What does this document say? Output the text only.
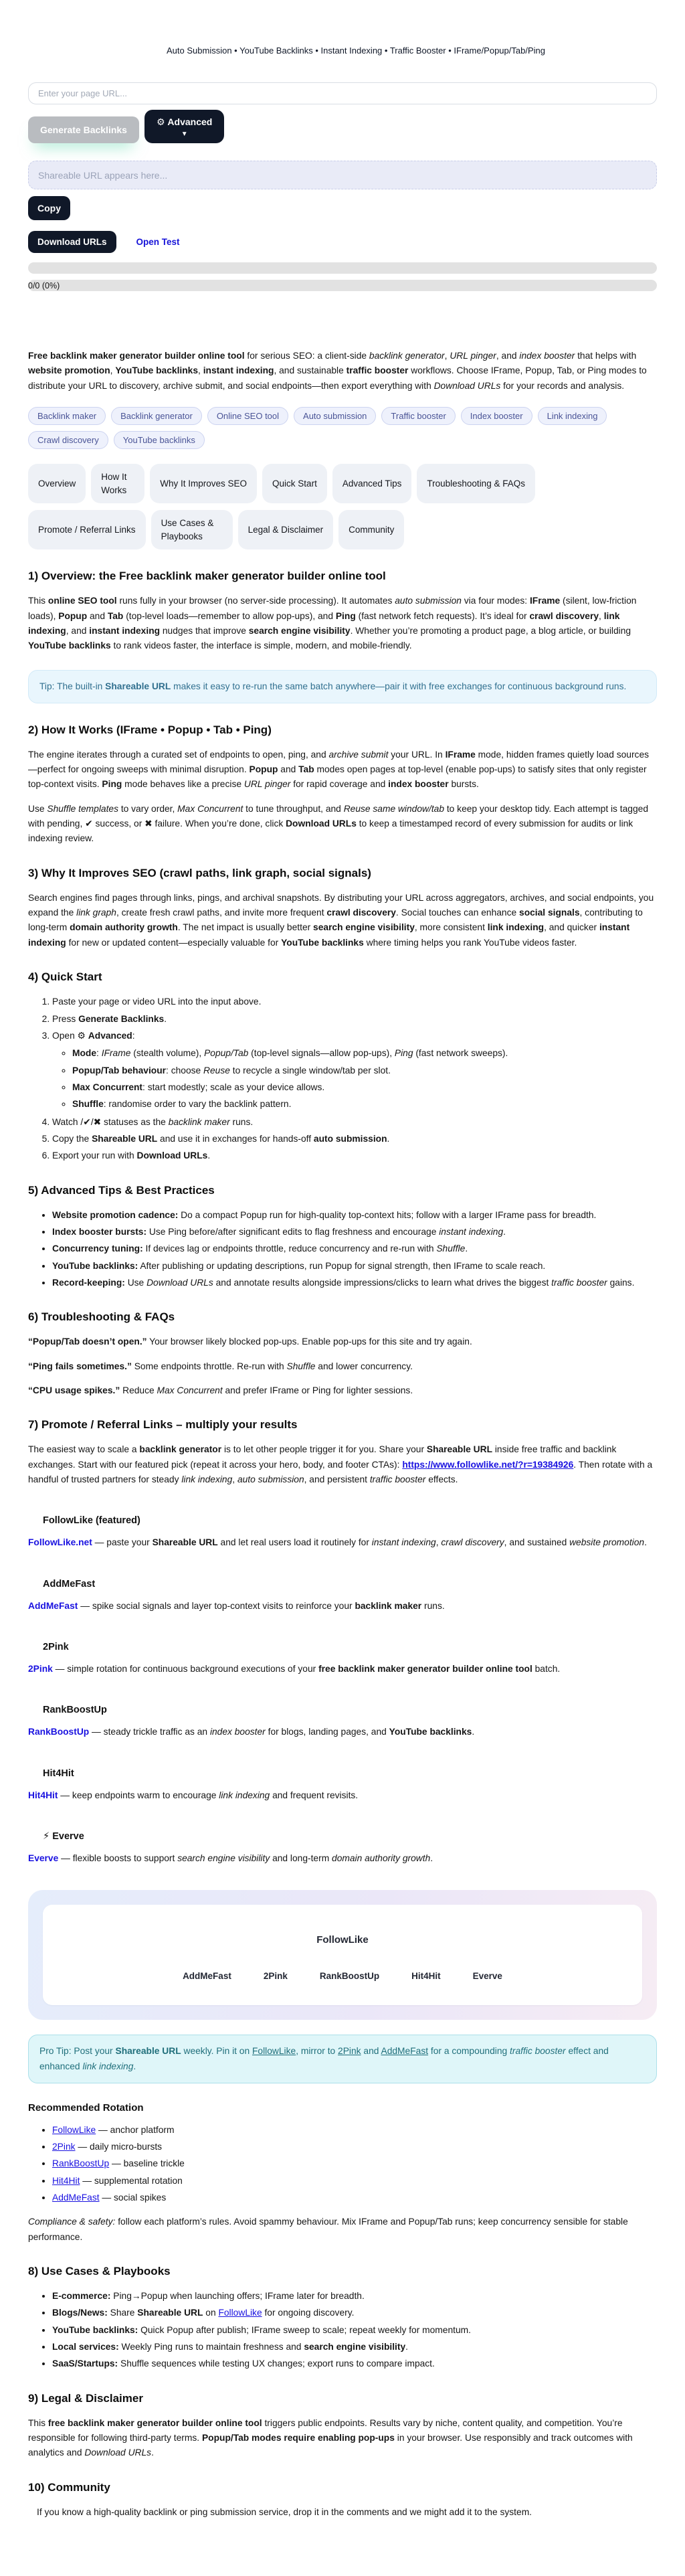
Auto Submission • YouTube Backlinks • Instant Indexing • Traffic Booster • IFrame/Popup/Tab/Ping
Enter your page URL...
Generate Backlinks
⚙ Advanced
▼
Shareable URL appears here...
Copy
Download URLs	Open Test
0/0 (0%)

Free backlink maker generator builder online tool for serious SEO: a client-side backlink generator, URL pinger, and index booster that helps with website promotion, YouTube backlinks, instant indexing, and sustainable traffic booster workflows. Choose IFrame, Popup, Tab, or Ping modes to distribute your URL to discovery, archive submit, and social endpoints—then export everything with Download URLs for your records and analysis.

Backlink maker	Backlink generator	Online SEO tool	Auto submission	Traffic booster	Index booster	Link indexing
Crawl discovery	YouTube backlinks
Overview
How It Works
Why It Improves SEO	Quick Start	Advanced Tips	Troubleshooting & FAQs
Promote / Referral Links
Use Cases & Playbooks
Legal & Disclaimer	Community
1) Overview: the Free backlink maker generator builder online tool

This online SEO tool runs fully in your browser (no server-side processing). It automates auto submission via four modes: IFrame (silent, low-friction loads), Popup and Tab (top-level loads—remember to allow pop-ups), and Ping (fast network fetch requests). It’s ideal for crawl discovery, link indexing, and instant indexing nudges that improve search engine visibility. Whether you’re promoting a product page, a blog article, or building YouTube backlinks to rank videos faster, the interface is simple, modern, and mobile-friendly.

Tip: The built-in Shareable URL makes it easy to re-run the same batch anywhere—pair it with free exchanges for continuous background runs.
2) How It Works (IFrame • Popup • Tab • Ping)

The engine iterates through a curated set of endpoints to open, ping, and archive submit your URL. In IFrame mode, hidden frames quietly load sources—perfect for ongoing sweeps with minimal disruption. Popup and Tab modes open pages at top-level (enable pop-ups) to satisfy sites that only register top-context visits. Ping mode behaves like a precise URL pinger for rapid coverage and index booster bursts.

Use Shuffle templates to vary order, Max Concurrent to tune throughput, and Reuse same window/tab to keep your desktop tidy. Each attempt is tagged with pending, ✔ success, or ✖ failure. When you’re done, click Download URLs to keep a timestamped record of every submission for audits or link indexing review.

3) Why It Improves SEO (crawl paths, link graph, social signals)

Search engines find pages through links, pings, and archival snapshots. By distributing your URL across aggregators, archives, and social endpoints, you expand the link graph, create fresh crawl paths, and invite more frequent crawl discovery. Social touches can enhance social signals, contributing to long-term domain authority growth. The net impact is usually better search engine visibility, more consistent link indexing, and quicker instant indexing for new or updated content—especially valuable for YouTube backlinks where timing helps you rank YouTube videos faster.

4) Quick Start
1. Paste your page or video URL into the input above.
2. Press Generate Backlinks.
3. Open ⚙ Advanced:
◦ Mode: IFrame (stealth volume), Popup/Tab (top-level signals—allow pop-ups), Ping (fast network sweeps).
◦ Popup/Tab behaviour: choose Reuse to recycle a single window/tab per slot.
◦ Max Concurrent: start modestly; scale as your device allows.
◦ Shuffle: randomise order to vary the backlink pattern.
4. Watch /✔/✖ statuses as the backlink maker runs.
5. Copy the Shareable URL and use it in exchanges for hands-off auto submission.
6. Export your run with Download URLs.
5) Advanced Tips & Best Practices
• Website promotion cadence: Do a compact Popup run for high-quality top-context hits; follow with a larger IFrame pass for breadth.
• Index booster bursts: Use Ping before/after significant edits to flag freshness and encourage instant indexing.
• Concurrency tuning: If devices lag or endpoints throttle, reduce concurrency and re-run with Shuffle.
• YouTube backlinks: After publishing or updating descriptions, run Popup for signal strength, then IFrame to scale reach.
• Record-keeping: Use Download URLs and annotate results alongside impressions/clicks to learn what drives the biggest traffic booster gains.
6) Troubleshooting & FAQs

“Popup/Tab doesn’t open.” Your browser likely blocked pop-ups. Enable pop-ups for this site and try again.

“Ping fails sometimes.” Some endpoints throttle. Re-run with Shuffle and lower concurrency.

“CPU usage spikes.” Reduce Max Concurrent and prefer IFrame or Ping for lighter sessions.

7) Promote / Referral Links – multiply your results

The easiest way to scale a backlink generator is to let other people trigger it for you. Share your Shareable URL inside free traffic and backlink exchanges. Start with our featured pick (repeat it across your hero, body, and footer CTAs): https://www.followlike.net/?r=19384926. Then rotate with a handful of trusted partners for steady link indexing, auto submission, and persistent traffic booster effects.

FollowLike (featured)

FollowLike.net — paste your Shareable URL and let real users load it routinely for instant indexing, crawl discovery, and sustained website promotion.

AddMeFast

AddMeFast — spike social signals and layer top-context visits to reinforce your backlink maker runs.

2Pink

2Pink — simple rotation for continuous background executions of your free backlink maker generator builder online tool batch.

RankBoostUp

RankBoostUp — steady trickle traffic as an index booster for blogs, landing pages, and YouTube backlinks.

Hit4Hit

Hit4Hit — keep endpoints warm to encourage link indexing and frequent revisits.

⚡ Everve

Everve — flexible boosts to support search engine visibility and long-term domain authority growth.

FollowLike
AddMeFast	2Pink	RankBoostUp	Hit4Hit	Everve
Pro Tip: Post your Shareable URL weekly. Pin it on FollowLike, mirror to 2Pink and AddMeFast for a compounding traffic booster effect and enhanced link indexing.
Recommended Rotation
• FollowLike — anchor platform
• 2Pink — daily micro-bursts
• RankBoostUp — baseline trickle
• Hit4Hit — supplemental rotation
• AddMeFast — social spikes

Compliance & safety: follow each platform’s rules. Avoid spammy behaviour. Mix IFrame and Popup/Tab runs; keep concurrency sensible for stable performance.

8) Use Cases & Playbooks
• E-commerce: Ping→Popup when launching offers; IFrame later for breadth.
• Blogs/News: Share Shareable URL on FollowLike for ongoing discovery.
• YouTube backlinks: Quick Popup after publish; IFrame sweep to scale; repeat weekly for momentum.
• Local services: Weekly Ping runs to maintain freshness and search engine visibility.
• SaaS/Startups: Shuffle sequences while testing UX changes; export runs to compare impact.
9) Legal & Disclaimer

This free backlink maker generator builder online tool triggers public endpoints. Results vary by niche, content quality, and competition. You’re responsible for following third-party terms. Popup/Tab modes require enabling pop-ups in your browser. Use responsibly and track outcomes with analytics and Download URLs.

10) Community

If you know a high-quality backlink or ping submission service, drop it in the comments and we might add it to the system.
